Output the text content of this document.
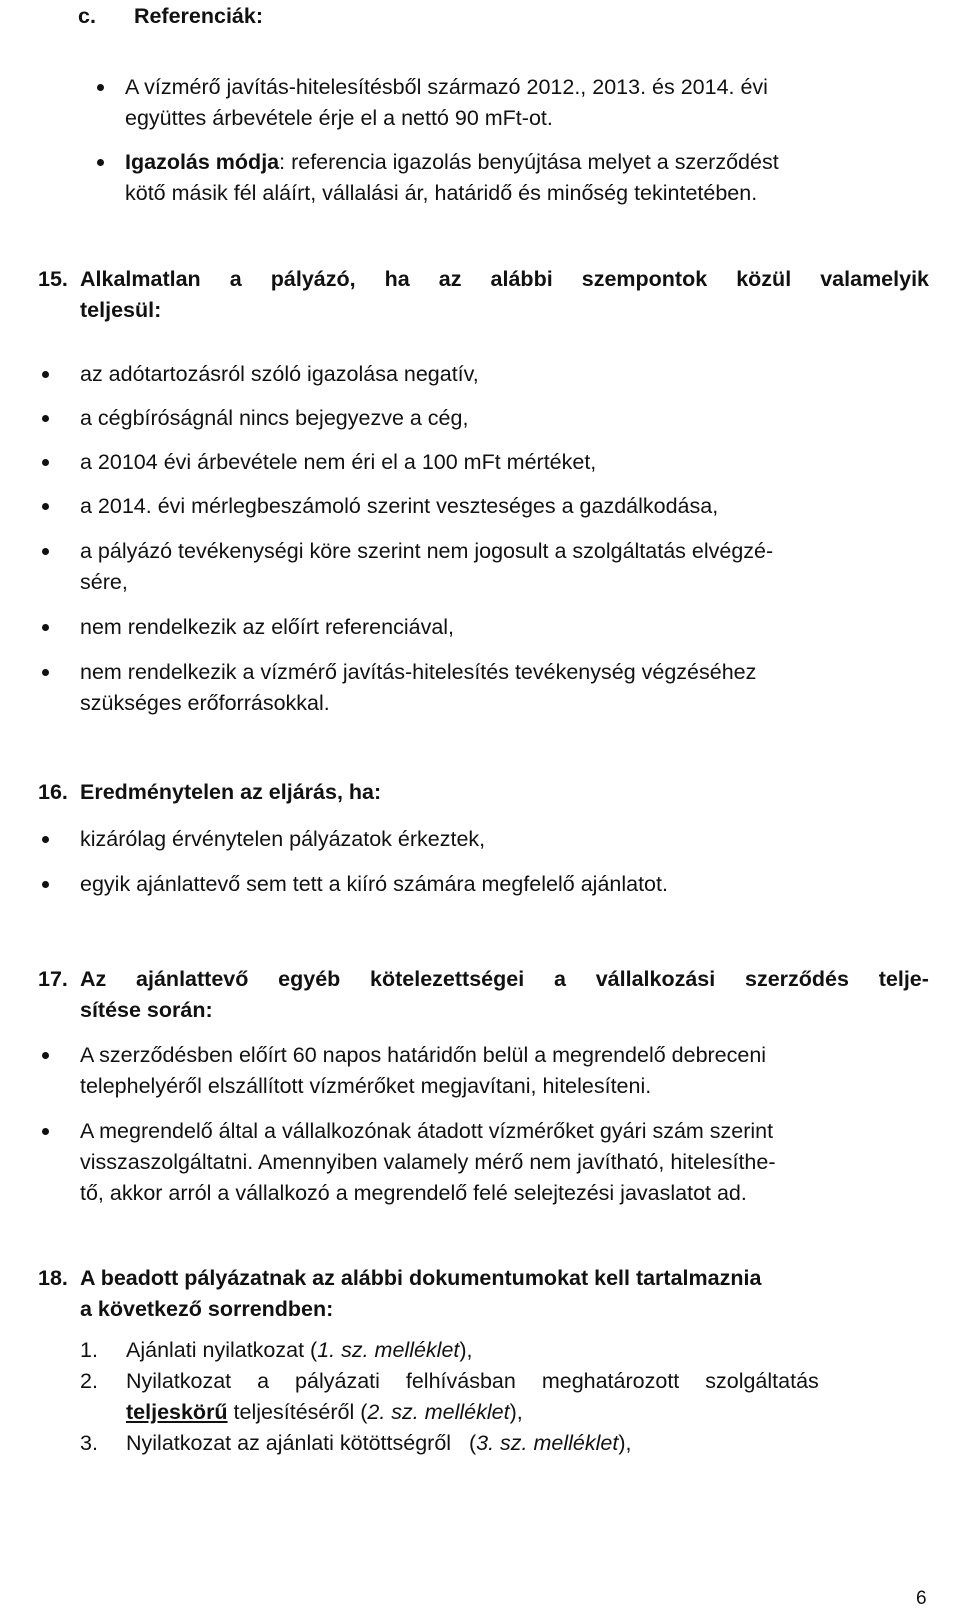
c. Referenciák:
A vízmérő javítás-hitelesítésből származó 2012., 2013. és 2014. évi
együttes árbevétele érje el a nettó 90 mFt-ot.
Igazolás módja: referencia igazolás benyújtása melyet a szerződést
kötő másik fél aláírt, vállalási ár, határidő és minőség tekintetében.
15. Alkalmatlan a pályázó, ha az alábbi szempontok közül valamelyik
teljesül:
az adótartozásról szóló igazolása negatív,
a cégbíróságnál nincs bejegyezve a cég,
a 20104 évi árbevétele nem éri el a 100 mFt mértéket,
a 2014. évi mérlegbeszámoló szerint veszteséges a gazdálkodása,
a pályázó tevékenységi köre szerint nem jogosult a szolgáltatás elvégzé-
sére,
nem rendelkezik az előírt referenciával,
nem rendelkezik a vízmérő javítás-hitelesítés tevékenység végzéséhez
szükséges erőforrásokkal.
16. Eredménytelen az eljárás, ha:
kizárólag érvénytelen pályázatok érkeztek,
egyik ajánlattevő sem tett a kiíró számára megfelelő ajánlatot.
17. Az ajánlattevő egyéb kötelezettségei a vállalkozási szerződés telje-
sítése során:
A szerződésben előírt 60 napos határidőn belül a megrendelő debreceni
telephelyéről elszállított vízmérőket megjavítani, hitelesíteni.
A megrendelő által a vállalkozónak átadott vízmérőket gyári szám szerint
visszaszolgáltatni. Amennyiben valamely mérő nem javítható, hitelesíthe-
tő, akkor arról a vállalkozó a megrendelő felé selejtezési javaslatot ad.
18. A beadott pályázatnak az alábbi dokumentumokat kell tartalmaznia
a következő sorrendben:
1. Ajánlati nyilatkozat (1. sz. melléklet),
2. Nyilatkozat a pályázati felhívásban meghatározott szolgáltatás
teljeskörű teljesítéséről (2. sz. melléklet),
3. Nyilatkozat az ajánlati kötöttségről   (3. sz. melléklet),
6
